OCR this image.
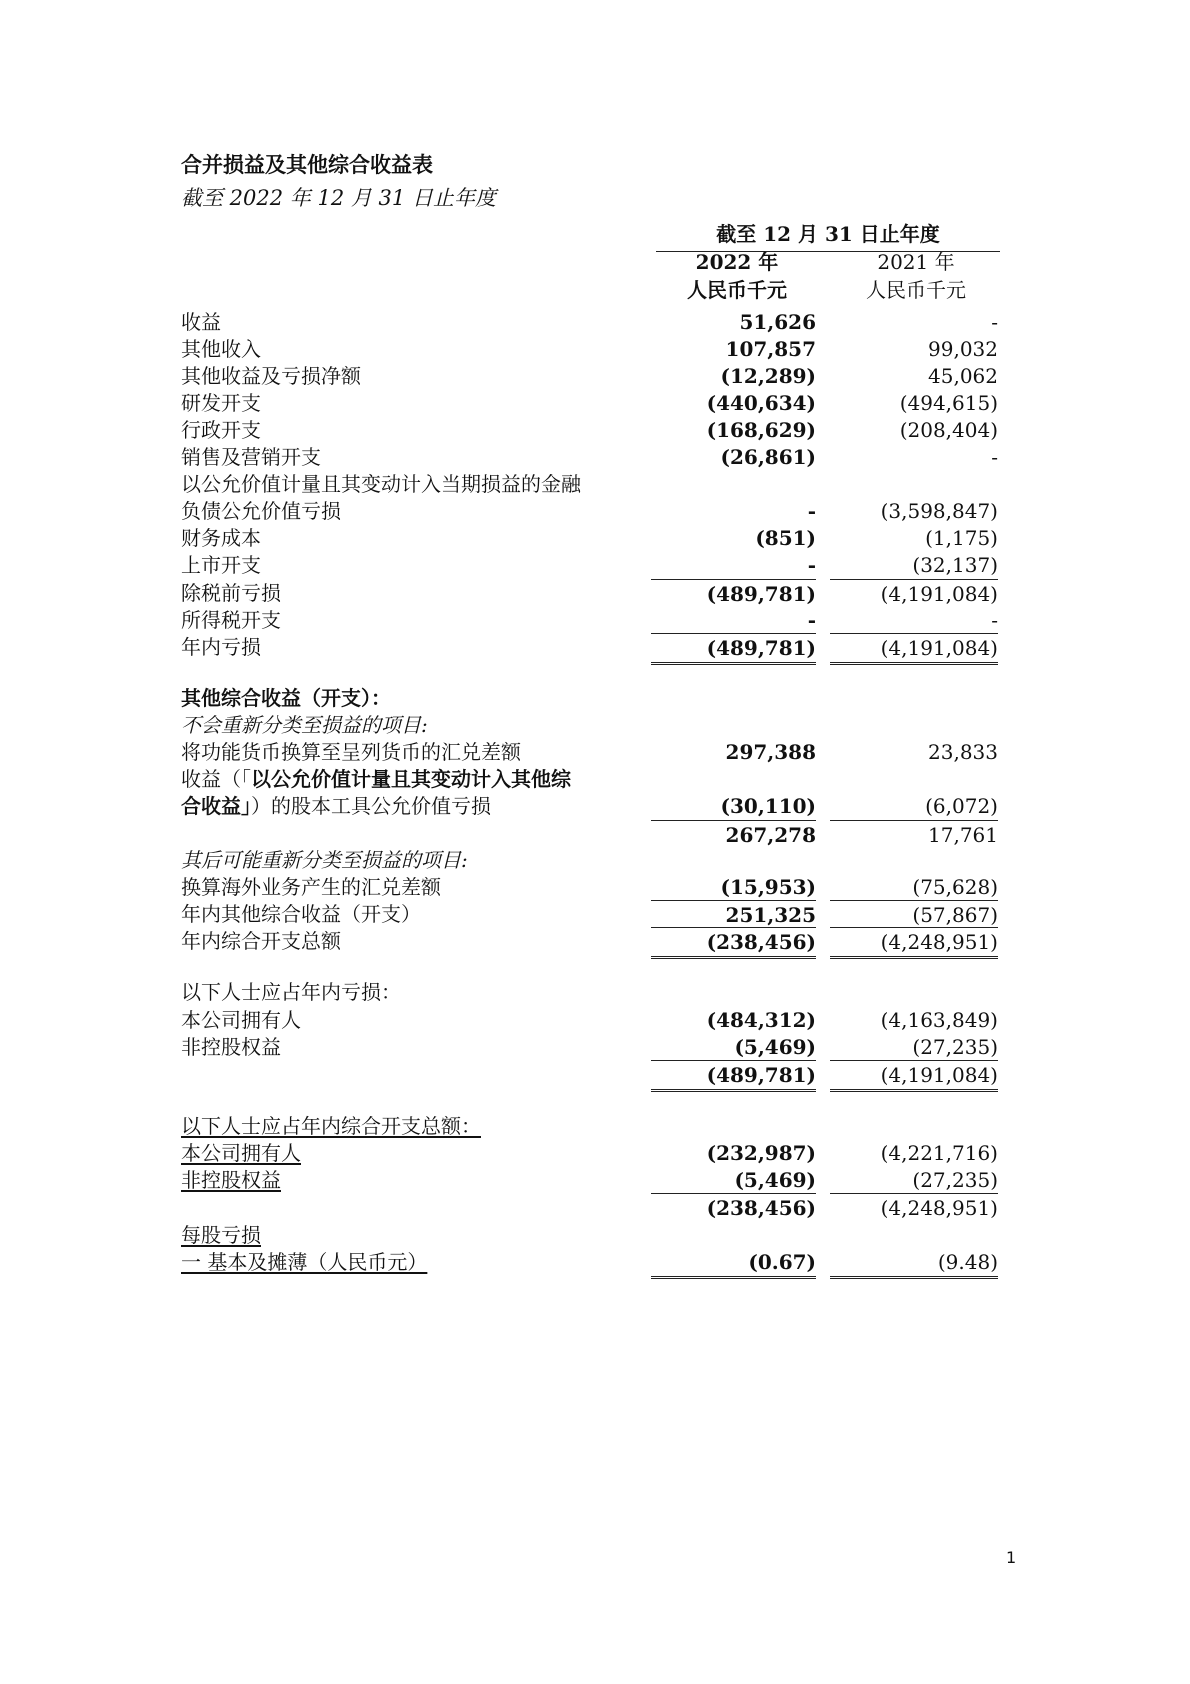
合并损益及其他综合收益表
截至 2022 年 12 月 31 日止年度
截至 12 月 31 日止年度
2022 年
人民币千元
2021 年
人民币千元
收益	51,626	-
其他收入	107,857	99,032
其他收益及亏损净额	(12,289)	45,062
研发开支	(440,634)	(494,615)
行政开支	(168,629)	(208,404)
销售及营销开支	(26,861)	-
以公允价值计量且其变动计入当期损益的金融
负债公允价值亏损	-	(3,598,847)
财务成本	(851)	(1,175)
上市开支	-	(32,137)
除税前亏损	(489,781)	(4,191,084)
所得税开支	-	-
年内亏损	(489,781)	(4,191,084)
其他综合收益（开支）：
不会重新分类至损益的项目:
将功能货币换算至呈列货币的汇兑差额	297,388	23,833
收益（「以公允价值计量且其变动计入其他综
合收益」）的股本工具公允价值亏损	(30,110)	(6,072)
267,278	17,761
其后可能重新分类至损益的项目:
换算海外业务产生的汇兑差额	(15,953)	(75,628)
年内其他综合收益（开支）	251,325	(57,867)
年内综合开支总额	(238,456)	(4,248,951)
以下人士应占年内亏损：
本公司拥有人	(484,312)	(4,163,849)
非控股权益	(5,469)	(27,235)
(489,781)	(4,191,084)
以下人士应占年内综合开支总额：
本公司拥有人	(232,987)	(4,221,716)
非控股权益	(5,469)	(27,235)
(238,456)	(4,248,951)
每股亏损
一 基本及摊薄（人民币元）	(0.67)	(9.48)
1
